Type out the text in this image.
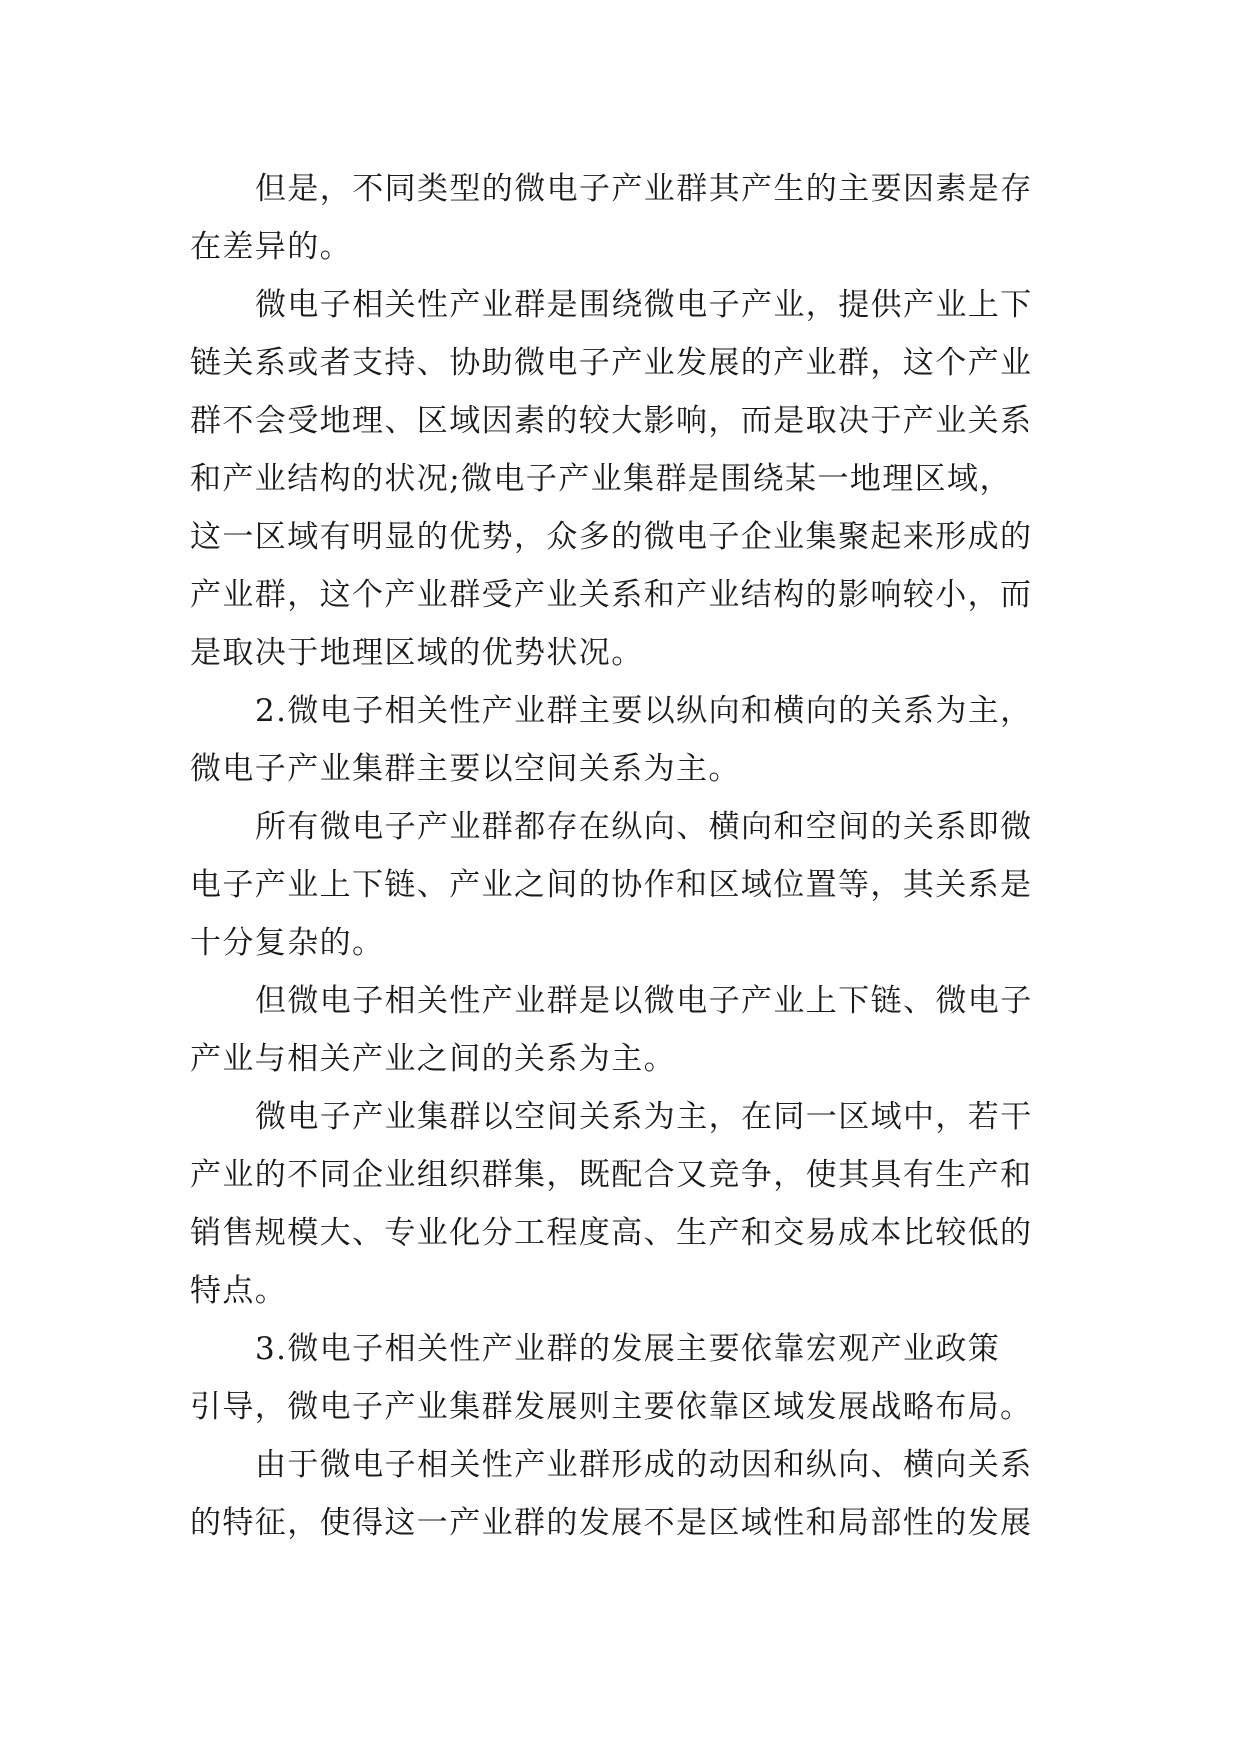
但是，不同类型的微电子产业群其产生的主要因素是存
在差异的。

微电子相关性产业群是围绕微电子产业，提供产业上下
链关系或者支持、协助微电子产业发展的产业群，这个产业
群不会受地理、区域因素的较大影响，而是取决于产业关系
和产业结构的状况;微电子产业集群是围绕某一地理区域，
这一区域有明显的优势，众多的微电子企业集聚起来形成的
产业群，这个产业群受产业关系和产业结构的影响较小，而
是取决于地理区域的优势状况。

2.微电子相关性产业群主要以纵向和横向的关系为主，
微电子产业集群主要以空间关系为主。

所有微电子产业群都存在纵向、横向和空间的关系即微
电子产业上下链、产业之间的协作和区域位置等，其关系是
十分复杂的。

但微电子相关性产业群是以微电子产业上下链、微电子
产业与相关产业之间的关系为主。

微电子产业集群以空间关系为主，在同一区域中，若干
产业的不同企业组织群集，既配合又竞争，使其具有生产和
销售规模大、专业化分工程度高、生产和交易成本比较低的
特点。

3.微电子相关性产业群的发展主要依靠宏观产业政策
引导，微电子产业集群发展则主要依靠区域发展战略布局。

由于微电子相关性产业群形成的动因和纵向、横向关系
的特征，使得这一产业群的发展不是区域性和局部性的发展
